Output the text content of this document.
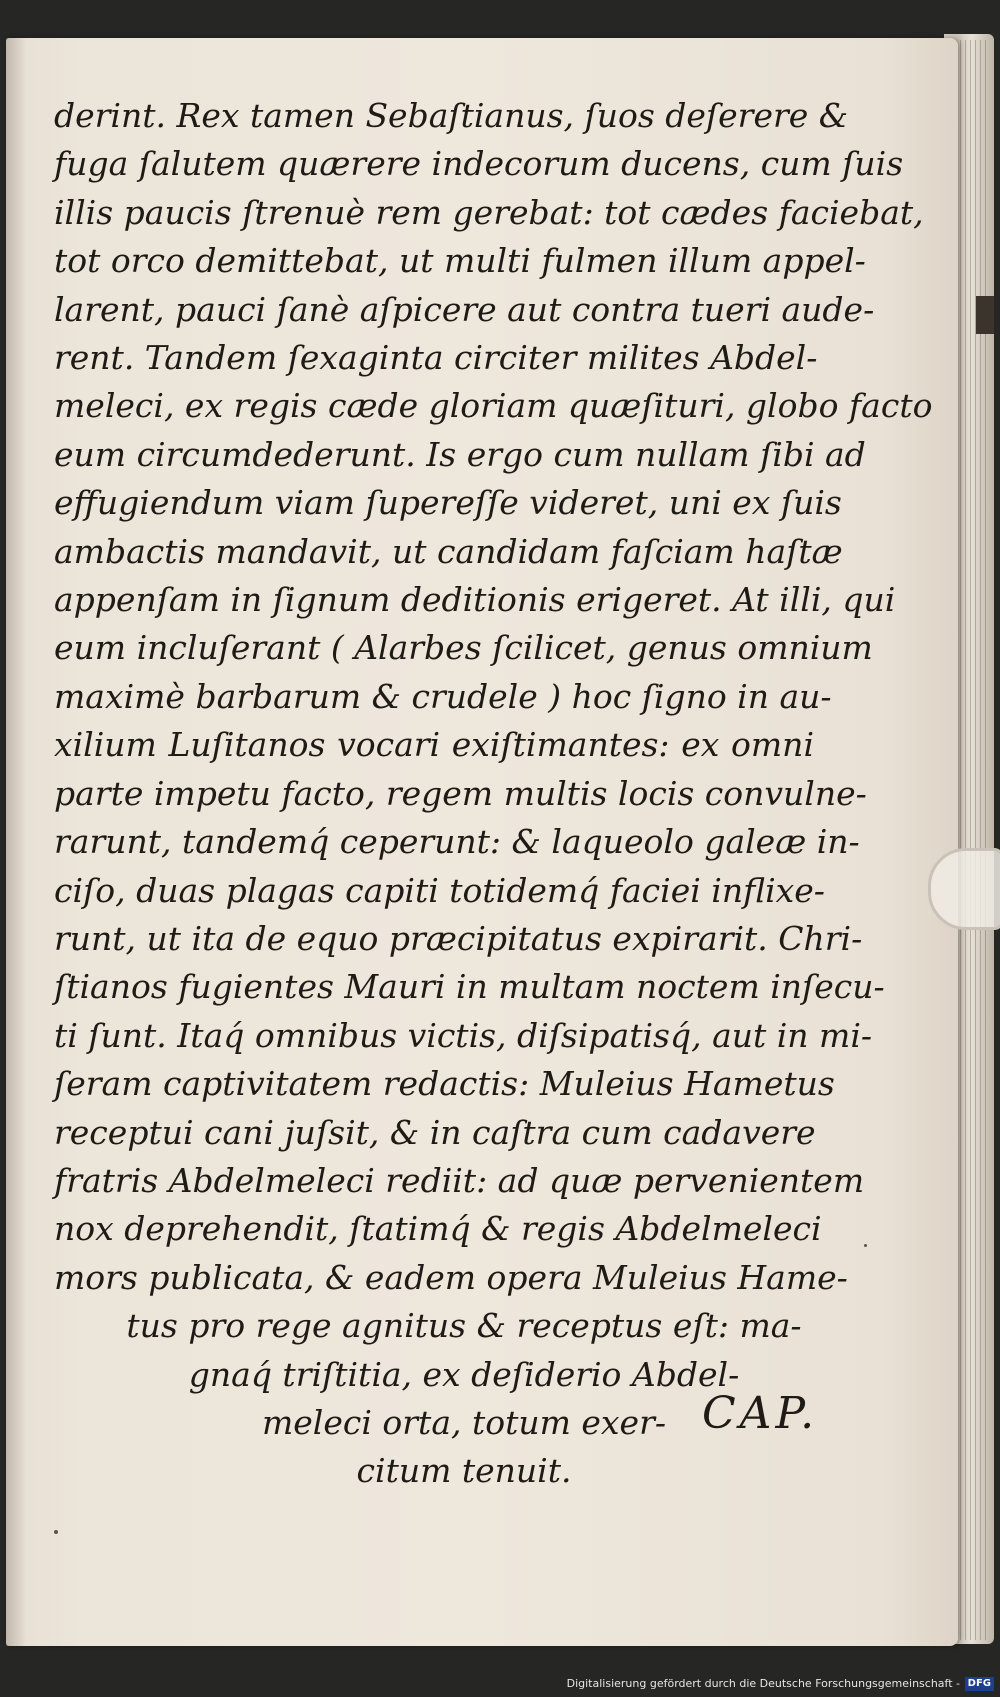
derint. Rex tamen Sebaſtianus, ſuos deſerere &
fuga ſalutem quærere indecorum ducens, cum ſuis
illis paucis ſtrenuè rem gerebat: tot cædes faciebat,
tot orco demittebat, ut multi fulmen illum appel-
larent, pauci ſanè aſpicere aut contra tueri aude-
rent. Tandem ſexaginta circiter milites Abdel-
meleci, ex regis cæde gloriam quæſituri, globo facto
eum circumdederunt. Is ergo cum nullam ſibi ad
effugiendum viam ſupereſſe videret, uni ex ſuis
ambactis mandavit, ut candidam faſciam haſtæ
appenſam in ſignum deditionis erigeret. At illi, qui
eum incluſerant ( Alarbes ſcilicet, genus omnium
maximè barbarum & crudele ) hoc ſigno in au-
xilium Luſitanos vocari exiſtimantes: ex omni
parte impetu facto, regem multis locis convulne-
rarunt, tandemq́ ceperunt: & laqueolo galeæ in-
ciſo, duas plagas capiti totidemq́ faciei inflixe-
runt, ut ita de equo præcipitatus expirarit. Chri-
ſtianos fugientes Mauri in multam noctem inſecu-
ti ſunt. Itaq́ omnibus victis, diſsipatisq́, aut in mi-
ſeram captivitatem redactis: Muleius Hametus
receptui cani juſsit, & in caſtra cum cadavere
fratris Abdelmeleci rediit: ad quæ pervenientem
nox deprehendit, ſtatimq́ & regis Abdelmeleci
mors publicata, & eadem opera Muleius Hame-
tus pro rege agnitus & receptus eſt: ma-
gnaq́ triſtitia, ex deſiderio Abdel-
meleci orta, totum exer-
citum tenuit.
CAP.
Digitalisierung gefördert durch die Deutsche Forschungsgemeinschaft - DFG
